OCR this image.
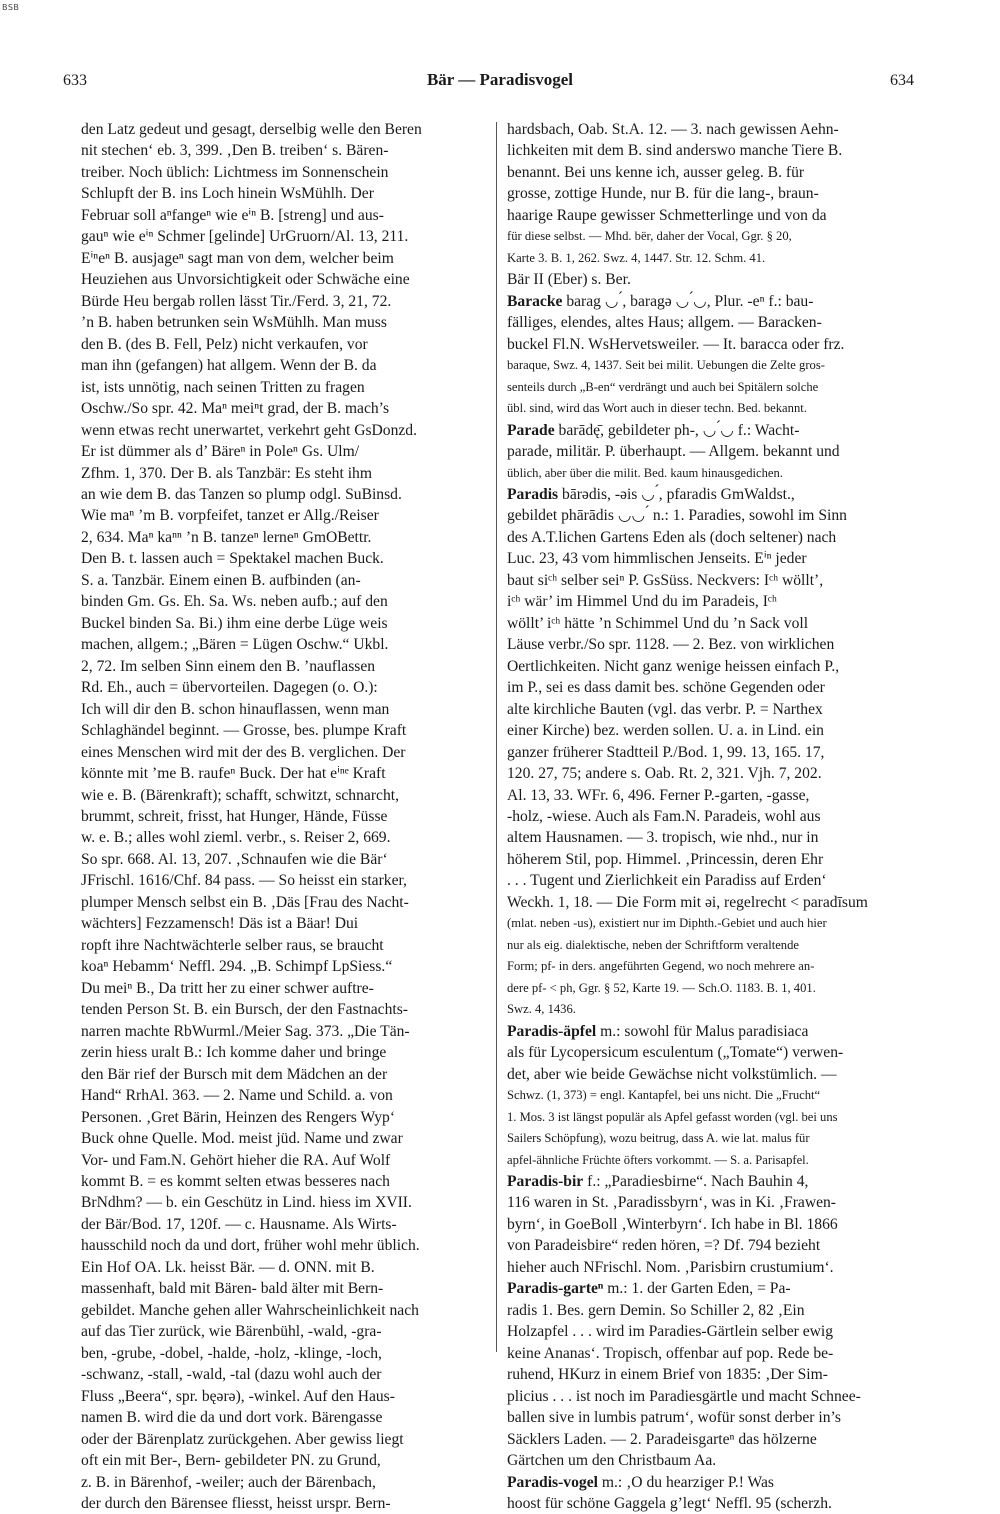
BSB
633	Bär — Paradisvogel	634
den Latz gedeut und gesagt, derselbig welle den Beren
nit stechen‘ eb. 3, 399. ‚Den B. treiben‘ s. Bären-
treiber. Noch üblich: Lichtmess im Sonnenschein
Schlupft der B. ins Loch hinein WsMühlh. Der
Februar soll aⁿfangeⁿ wie eⁱⁿ B. [streng] und aus-
gauⁿ wie eⁱⁿ Schmer [gelinde] UrGruorn/Al. 13, 211.
Eⁱⁿeⁿ B. ausjageⁿ sagt man von dem, welcher beim
Heuziehen aus Unvorsichtigkeit oder Schwäche eine
Bürde Heu bergab rollen lässt Tir./Ferd. 3, 21, 72.
’n B. haben betrunken sein WsMühlh. Man muss
den B. (des B. Fell, Pelz) nicht verkaufen, vor
man ihn (gefangen) hat allgem. Wenn der B. da
ist, ists unnötig, nach seinen Tritten zu fragen
Oschw./So spr. 42. Maⁿ meiⁿt grad, der B. mach’s
wenn etwas recht unerwartet, verkehrt geht GsDonzd.
Er ist dümmer als d’ Bäreⁿ in Poleⁿ Gs. Ulm/
Zfhm. 1, 370. Der B. als Tanzbär: Es steht ihm
an wie dem B. das Tanzen so plump odgl. SuBinsd.
Wie maⁿ ’m B. vorpfeifet, tanzet er Allg./Reiser
2, 634. Maⁿ kaⁿⁿ ’n B. tanzeⁿ lerneⁿ GmOBettr.
Den B. t. lassen auch = Spektakel machen Buck.
S. a. Tanzbär. Einem einen B. aufbinden (an-
binden Gm. Gs. Eh. Sa. Ws. neben aufb.; auf den
Buckel binden Sa. Bi.) ihm eine derbe Lüge weis
machen, allgem.; „Bären = Lügen Oschw.“ Ukbl.
2, 72. Im selben Sinn einem den B. ’nauflassen
Rd. Eh., auch = übervorteilen. Dagegen (o. O.):
Ich will dir den B. schon hinauflassen, wenn man
Schlaghändel beginnt. — Grosse, bes. plumpe Kraft
eines Menschen wird mit der des B. verglichen. Der
könnte mit ’me B. raufeⁿ Buck. Der hat eⁱⁿᵉ Kraft
wie e. B. (Bärenkraft); schafft, schwitzt, schnarcht,
brummt, schreit, frisst, hat Hunger, Hände, Füsse
w. e. B.; alles wohl zieml. verbr., s. Reiser 2, 669.
So spr. 668. Al. 13, 207. ‚Schnaufen wie die Bär‘
JFrischl. 1616/Chf. 84 pass. — So heisst ein starker,
plumper Mensch selbst ein B. ‚Däs [Frau des Nacht-
wächters] Fezzamensch! Däs ist a Bäar! Dui
ropft ihre Nachtwächterle selber raus, se braucht
koaⁿ Hebamm‘ Neffl. 294. „B. Schimpf LpSiess.“
Du meiⁿ B., Da tritt her zu einer schwer auftre-
tenden Person St. B. ein Bursch, der den Fastnachts-
narren machte RbWurml./Meier Sag. 373. „Die Tän-
zerin hiess uralt B.: Ich komme daher und bringe
den Bär rief der Bursch mit dem Mädchen an der
Hand“ RrhAl. 363. — 2. Name und Schild. a. von
Personen. ‚Gret Bärin, Heinzen des Rengers Wyp‘
Buck ohne Quelle. Mod. meist jüd. Name und zwar
Vor- und Fam.N. Gehört hieher die RA. Auf Wolf
kommt B. = es kommt selten etwas besseres nach
BrNdhm? — b. ein Geschütz in Lind. hiess im XVII.
der Bär/Bod. 17, 120f. — c. Hausname. Als Wirts-
hausschild noch da und dort, früher wohl mehr üblich.
Ein Hof OA. Lk. heisst Bär. — d. ONN. mit B.
massenhaft, bald mit Bären- bald älter mit Bern-
gebildet. Manche gehen aller Wahrscheinlichkeit nach
auf das Tier zurück, wie Bärenbühl, -wald, -gra-
ben, -grube, -dobel, -halde, -holz, -klinge, -loch,
-schwanz, -stall, -wald, -tal (dazu wohl auch der
Fluss „Beera“, spr. bęərə), -winkel. Auf den Haus-
namen B. wird die da und dort vork. Bärengasse
oder der Bärenplatz zurückgehen. Aber gewiss liegt
oft ein mit Ber-, Bern- gebildeter PN. zu Grund,
z. B. in Bärenhof, -weiler; auch der Bärenbach,
der durch den Bärensee fliesst, heisst urspr. Bern-
hardsbach, Oab. St.A. 12. — 3. nach gewissen Aehn-
lichkeiten mit dem B. sind anderswo manche Tiere B.
benannt. Bei uns kenne ich, ausser geleg. B. für
grosse, zottige Hunde, nur B. für die lang-, braun-
haarige Raupe gewisser Schmetterlinge und von da
für diese selbst. — Mhd. bër, daher der Vocal, Ggr. § 20,
Karte 3. B. 1, 262. Swz. 4, 1447. Str. 12. Schm. 41.
Bär II (Eber) s. Ber.
Baracke barag ◡ ́, baragə ◡ ́◡, Plur. -eⁿ f.: bau-
fälliges, elendes, altes Haus; allgem. — Baracken-
buckel Fl.N. WsHervetsweiler. — It. baracca oder frz.
baraque, Swz. 4, 1437. Seit bei milit. Uebungen die Zelte gros-
senteils durch „B-en“ verdrängt und auch bei Spitälern solche
übl. sind, wird das Wort auch in dieser techn. Bed. bekannt.
Parade barādę̄, gebildeter ph-, ◡ ́◡ f.: Wacht-
parade, militär. P. überhaupt. — Allgem. bekannt und
üblich, aber über die milit. Bed. kaum hinausgedichen.
Paradis bārədis, -əis ◡ ́, pfaradis GmWaldst.,
gebildet phārādis ◡◡ ́ n.: 1. Paradies, sowohl im Sinn
des A.T.lichen Gartens Eden als (doch seltener) nach
Luc. 23, 43 vom himmlischen Jenseits. Eⁱⁿ jeder
baut siᶜʰ selber seiⁿ P. GsSüss. Neckvers: Iᶜʰ wöllt’,
iᶜʰ wär’ im Himmel Und du im Paradeis, Iᶜʰ
wöllt’ iᶜʰ hätte ’n Schimmel Und du ’n Sack voll
Läuse verbr./So spr. 1128. — 2. Bez. von wirklichen
Oertlichkeiten. Nicht ganz wenige heissen einfach P.,
im P., sei es dass damit bes. schöne Gegenden oder
alte kirchliche Bauten (vgl. das verbr. P. = Narthex
einer Kirche) bez. werden sollen. U. a. in Lind. ein
ganzer früherer Stadtteil P./Bod. 1, 99. 13, 165. 17,
120. 27, 75; andere s. Oab. Rt. 2, 321. Vjh. 7, 202.
Al. 13, 33. WFr. 6, 496. Ferner P.-garten, -gasse,
-holz, -wiese. Auch als Fam.N. Paradeis, wohl aus
altem Hausnamen. — 3. tropisch, wie nhd., nur in
höherem Stil, pop. Himmel. ‚Princessin, deren Ehr
. . . Tugent und Zierlichkeit ein Paradiss auf Erden‘
Weckh. 1, 18. — Die Form mit əi, regelrecht < paradīsum
(mlat. neben -us), existiert nur im Diphth.-Gebiet und auch hier
nur als eig. dialektische, neben der Schriftform veraltende
Form; pf- in ders. angeführten Gegend, wo noch mehrere an-
dere pf- < ph, Ggr. § 52, Karte 19. — Sch.O. 1183. B. 1, 401.
Swz. 4, 1436.
Paradis-äpfel m.: sowohl für Malus paradisiaca
als für Lycopersicum esculentum („Tomate“) verwen-
det, aber wie beide Gewächse nicht volkstümlich. —
Schwz. (1, 373) = engl. Kantapfel, bei uns nicht. Die „Frucht“
1. Mos. 3 ist längst populär als Apfel gefasst worden (vgl. bei uns
Sailers Schöpfung), wozu beitrug, dass A. wie lat. malus für
apfel-ähnliche Früchte öfters vorkommt. — S. a. Parisapfel.
Paradis-bir f.: „Paradiesbirne“. Nach Bauhin 4,
116 waren in St. ‚Paradissbyrn‘, was in Ki. ‚Frawen-
byrn‘, in GoeBoll ‚Winterbyrn‘. Ich habe in Bl. 1866
von Paradeisbire“ reden hören, =? Df. 794 bezieht
hieher auch NFrischl. Nom. ‚Parisbirn crustumium‘.
Paradis-garteⁿ m.: 1. der Garten Eden, = Pa-
radis 1. Bes. gern Demin. So Schiller 2, 82 ‚Ein
Holzapfel . . . wird im Paradies-Gärtlein selber ewig
keine Ananas‘. Tropisch, offenbar auf pop. Rede be-
ruhend, HKurz in einem Brief von 1835: ‚Der Sim-
plicius . . . ist noch im Paradiesgärtle und macht Schnee-
ballen sive in lumbis patrum‘, wofür sonst derber in’s
Säcklers Laden. — 2. Paradeisgarteⁿ das hölzerne
Gärtchen um den Christbaum Aa.
Paradis-vogel m.: ‚O du hearziger P.! Was
hoost für schöne Gaggela g’legt‘ Neffl. 95 (scherzh.
